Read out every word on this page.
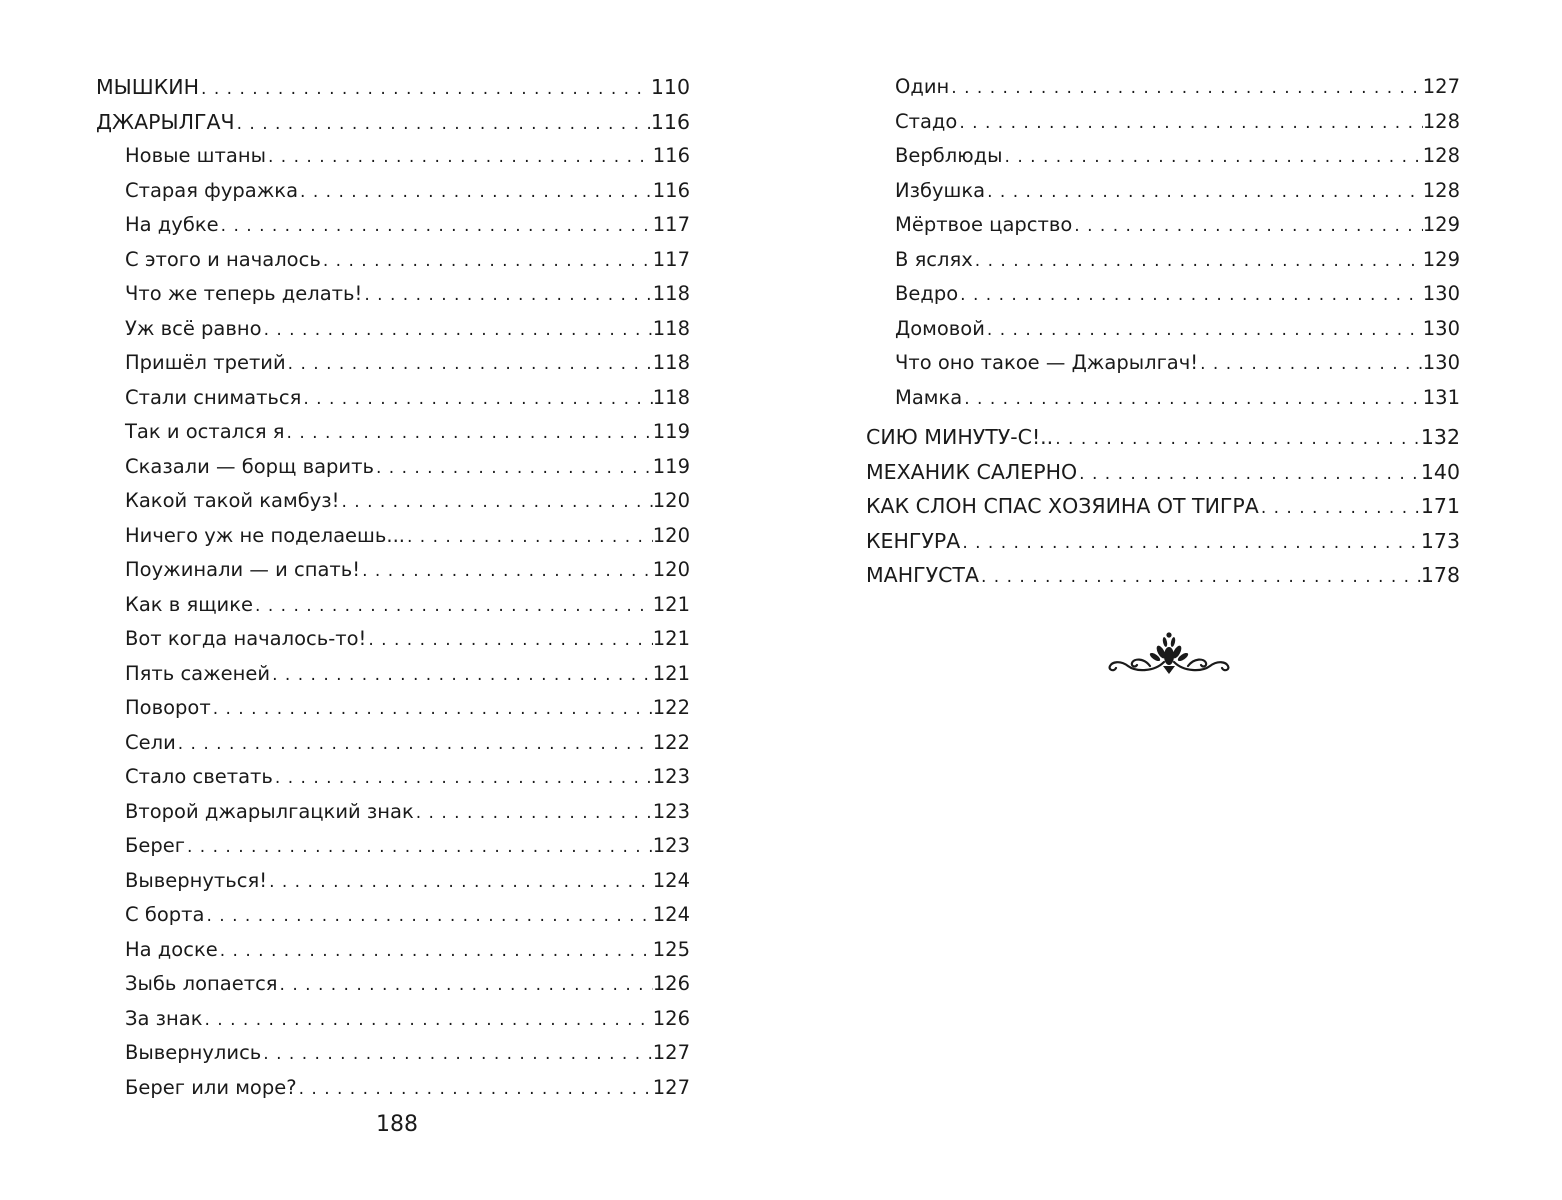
МЫШКИН . . .	110
ДЖАРЫЛГАЧ . . .	116
Новые штаны . . .	116
Старая фуражка . . .	116
На дубке . . .	117
С этого и началось . . .	117
Что же теперь делать! . . .	118
Уж всё равно . . .	118
Пришёл третий . . .	118
Стали сниматься . . .	118
Так и остался я . . .	119
Сказали — борщ варить . . .	119
Какой такой камбуз! . . .	120
Ничего уж не поделаешь... . . .	120
Поужинали — и спать! . . .	120
Как в ящике . . .	121
Вот когда началось-то! . . .	121
Пять саженей . . .	121
Поворот . . .	122
Сели . . .	122
Стало светать . . .	123
Второй джарылгацкий знак . . .	123
Берег . . .	123
Вывернуться! . . .	124
С борта . . .	124
На доске . . .	125
Зыбь лопается . . .	126
За знак . . .	126
Вывернулись . . .	127
Берег или море? . . .	127
Один . . .	127
Стадо . . .	128
Верблюды . . .	128
Избушка . . .	128
Мёртвое царство . . .	129
В яслях . . .	129
Ведро . . .	130
Домовой . . .	130
Что оно такое — Джарылгач! . . .	130
Мамка . . .	131
СИЮ МИНУТУ-С!.. . . .	132
МЕХАНИК САЛЕРНО . . .	140
КАК СЛОН СПАС ХОЗЯИНА ОТ ТИГРА . . .	171
КЕНГУРА . . .	173
МАНГУСТА . . .	178
188
